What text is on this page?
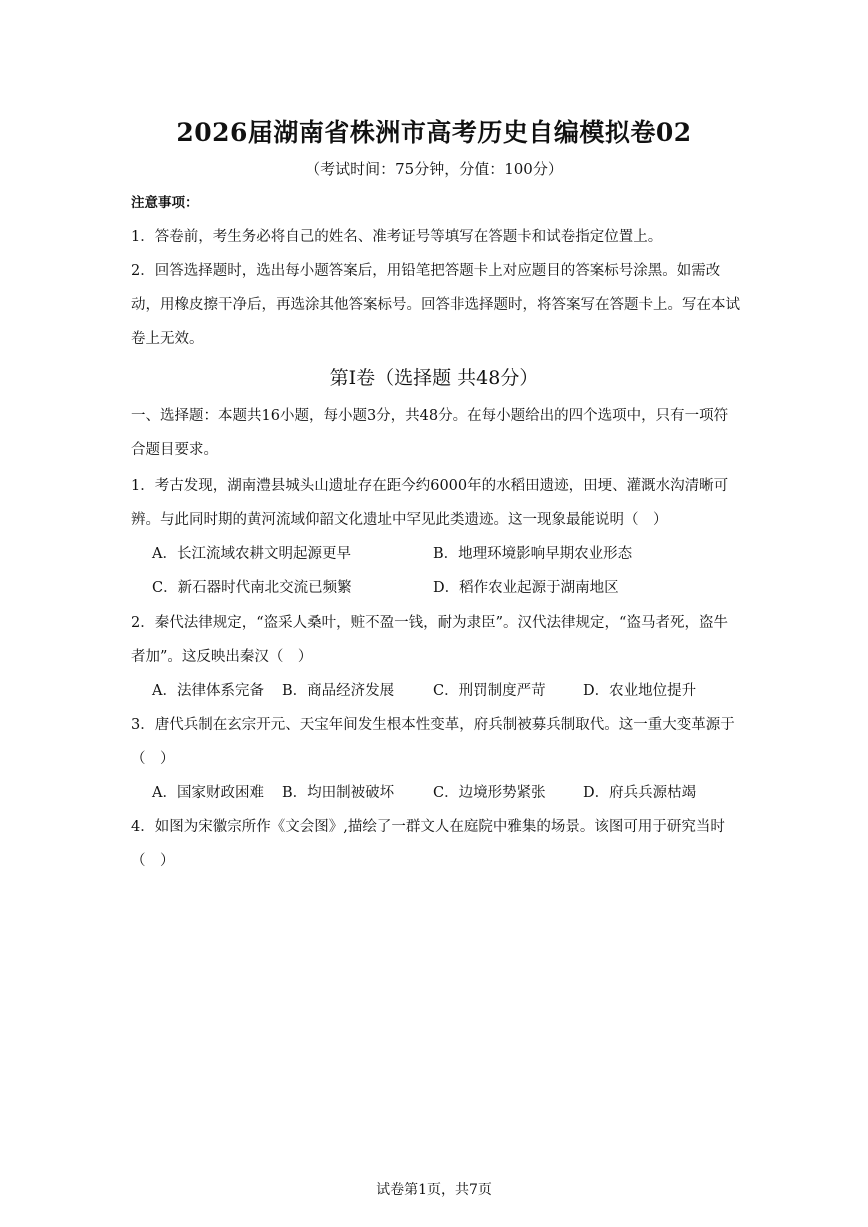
2026届湖南省株洲市高考历史自编模拟卷02
（考试时间：75分钟，分值：100分）
注意事项：
1．答卷前，考生务必将自己的姓名、准考证号等填写在答题卡和试卷指定位置上。
2．回答选择题时，选出每小题答案后，用铅笔把答题卡上对应题目的答案标号涂黑。如需改动，用橡皮擦干净后，再选涂其他答案标号。回答非选择题时，将答案写在答题卡上。写在本试卷上无效。
第Ⅰ卷（选择题 共48分）
一、选择题：本题共16小题，每小题3分，共48分。在每小题给出的四个选项中，只有一项符合题目要求。
1．考古发现，湖南澧县城头山遗址存在距今约6000年的水稻田遗迹，田埂、灌溉水沟清晰可辨。与此同时期的黄河流域仰韶文化遗址中罕见此类遗迹。这一现象最能说明（　）
A．长江流域农耕文明起源更早	B．地理环境影响早期农业形态
C．新石器时代南北交流已频繁	D．稻作农业起源于湖南地区
2．秦代法律规定，“盗采人桑叶，赃不盈一钱，耐为隶臣”。汉代法律规定，“盗马者死，盗牛者加”。这反映出秦汉（　）
A．法律体系完备 B．商品经济发展	C．刑罚制度严苛	D．农业地位提升
3．唐代兵制在玄宗开元、天宝年间发生根本性变革，府兵制被募兵制取代。这一重大变革源于（　）
A．国家财政困难 B．均田制被破坏	C．边境形势紧张	D．府兵兵源枯竭
4．如图为宋徽宗所作《文会图》,描绘了一群文人在庭院中雅集的场景。该图可用于研究当时（　）
试卷第1页，共7页
